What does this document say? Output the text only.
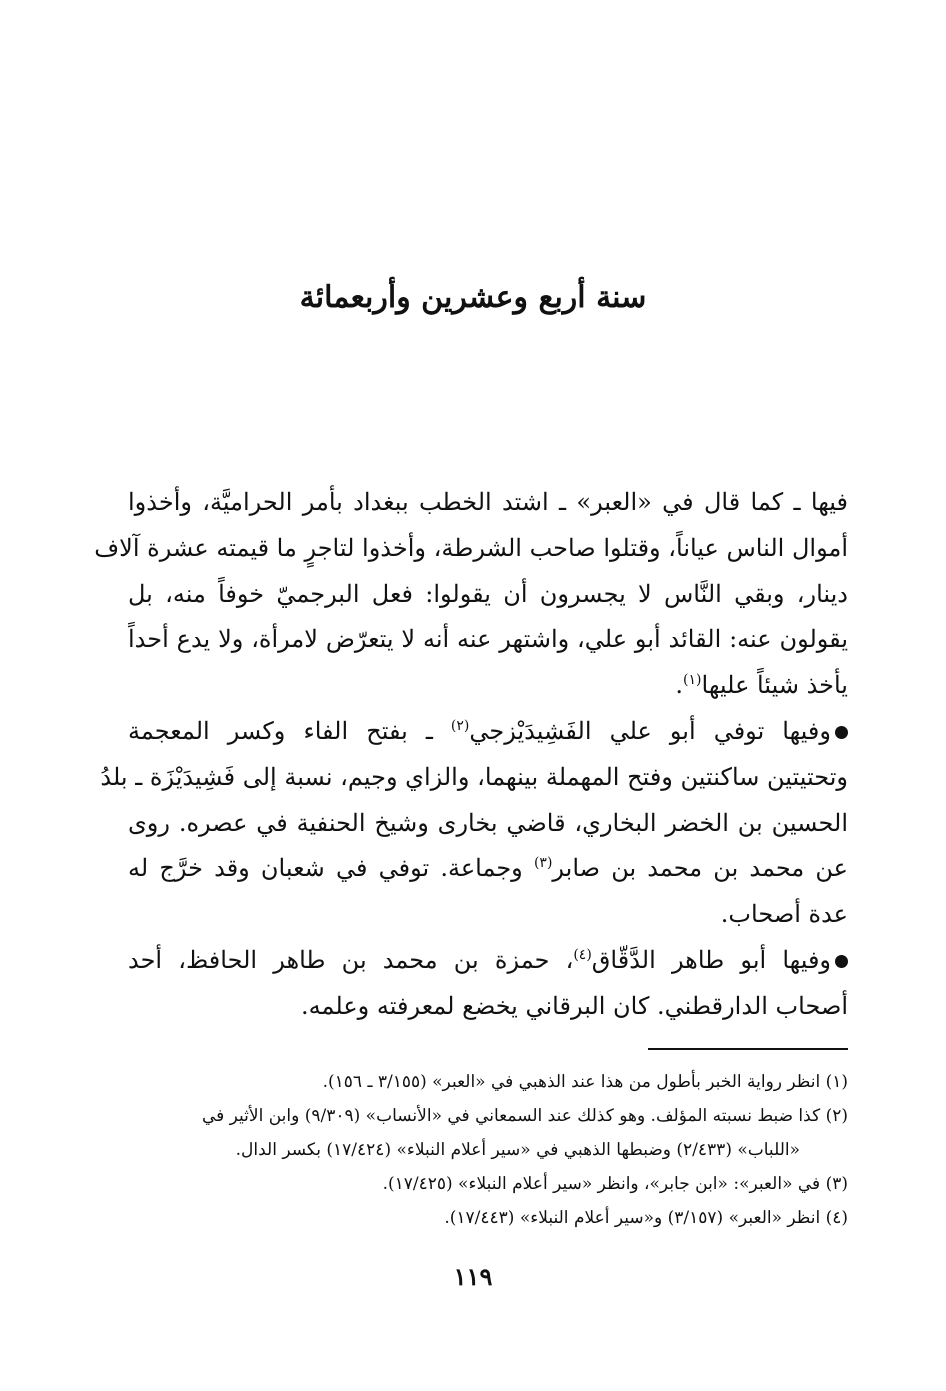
سنة أربع وعشرين وأربعمائة

فيها ـ كما قال في «العبر» ـ اشتد الخطب ببغداد بأمر الحراميَّة، وأخذوا
أموال الناس عياناً، وقتلوا صاحب الشرطة، وأخذوا لتاجرٍ ما قيمته عشرة آلاف
دينار، وبقي النَّاس لا يجسرون أن يقولوا: فعل البرجميّ خوفاً منه، بل
يقولون عنه: القائد أبو علي، واشتهر عنه أنه لا يتعرّض لامرأة، ولا يدع أحداً
يأخذ شيئاً عليها$^{(١)}$.

وفيها توفي أبو علي الفَشِيدَيْزجي$^{(٢)}$ ـ بفتح الفاء وكسر المعجمة
وتحتيتين ساكنتين وفتح المهملة بينهما، والزاي وجيم، نسبة إلى فَشِيدَيْزَة ـ بلدُ
الحسين بن الخضر البخاري، قاضي بخارى وشيخ الحنفية في عصره. روى
عن محمد بن محمد بن صابر$^{(٣)}$ وجماعة. توفي في شعبان وقد خرَّج له
عدة أصحاب.

وفيها أبو طاهر الدَّقّاق$^{(٤)}$، حمزة بن محمد بن طاهر الحافظ، أحد
أصحاب الدارقطني. كان البرقاني يخضع لمعرفته وعلمه.

(١) انظر رواية الخبر بأطول من هذا عند الذهبي في «العبر» (٣/١٥٥ ـ ١٥٦).
(٢) كذا ضبط نسبته المؤلف. وهو كذلك عند السمعاني في «الأنساب» (٩/٣٠٩) وابن الأثير في
«اللباب» (٢/٤٣٣) وضبطها الذهبي في «سير أعلام النبلاء» (١٧/٤٢٤) بكسر الدال.
(٣) في «العبر»: «ابن جابر»، وانظر «سير أعلام النبلاء» (١٧/٤٢٥).
(٤) انظر «العبر» (٣/١٥٧) و«سير أعلام النبلاء» (١٧/٤٤٣).
١١٩
